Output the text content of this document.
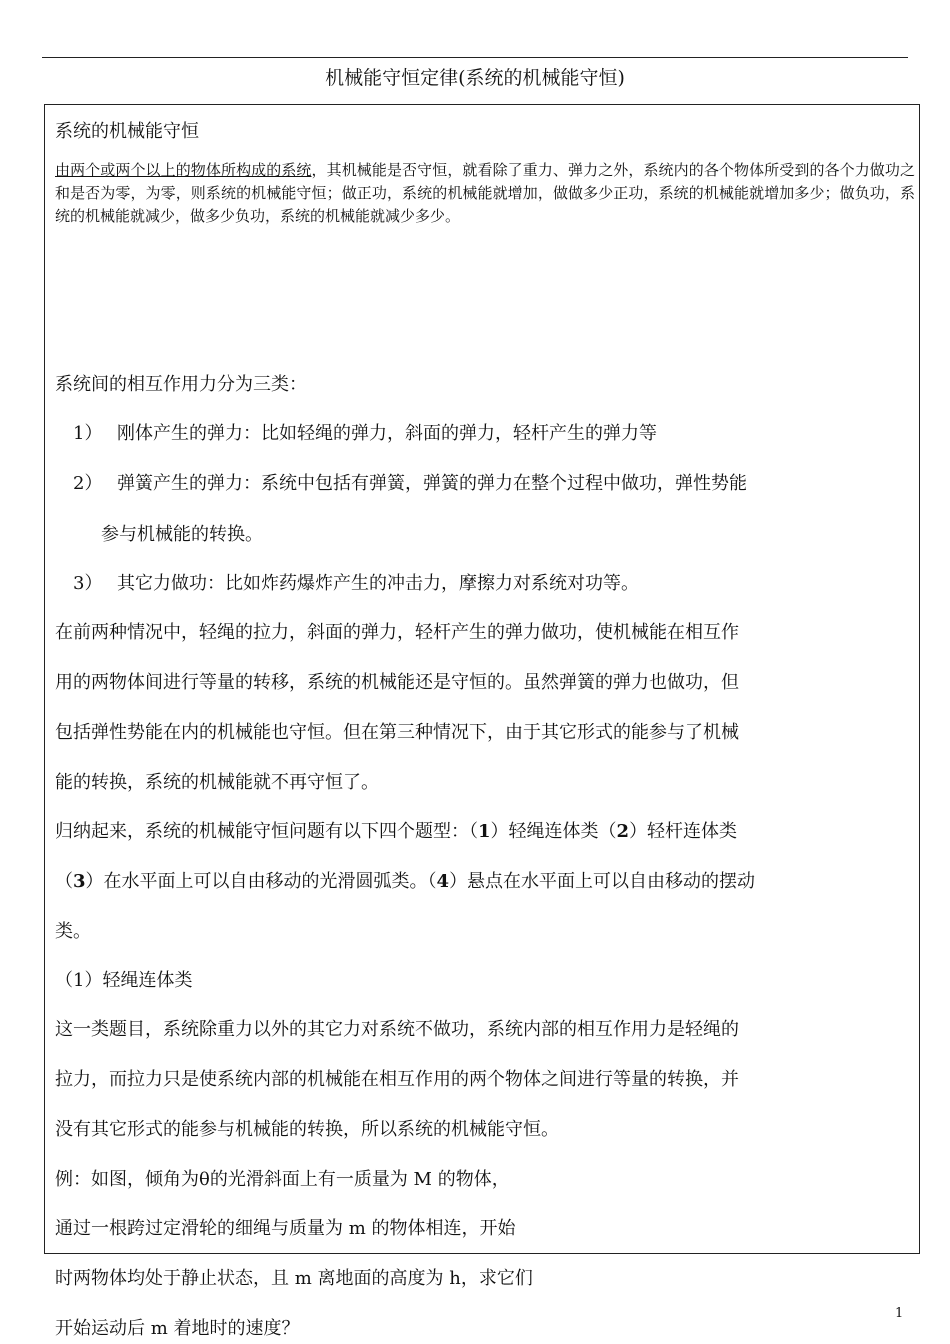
机械能守恒定律(系统的机械能守恒)
系统的机械能守恒
由两个或两个以上的物体所构成的系统，其机械能是否守恒，就看除了重力、弹力之外，系统内的各个物体所受到的各个力做功之和是否为零，为零，则系统的机械能守恒；做正功，系统的机械能就增加，做做多少正功，系统的机械能就增加多少；做负功，系统的机械能就减少，做多少负功，系统的机械能就减少多少。
系统间的相互作用力分为三类：
1） 刚体产生的弹力：比如轻绳的弹力，斜面的弹力，轻杆产生的弹力等
2） 弹簧产生的弹力：系统中包括有弹簧，弹簧的弹力在整个过程中做功，弹性势能
参与机械能的转换。
3） 其它力做功：比如炸药爆炸产生的冲击力，摩擦力对系统对功等。
在前两种情况中，轻绳的拉力，斜面的弹力，轻杆产生的弹力做功，使机械能在相互作
用的两物体间进行等量的转移，系统的机械能还是守恒的。虽然弹簧的弹力也做功，但
包括弹性势能在内的机械能也守恒。但在第三种情况下，由于其它形式的能参与了机械
能的转换，系统的机械能就不再守恒了。
归纳起来，系统的机械能守恒问题有以下四个题型：（1）轻绳连体类（2）轻杆连体类
（3）在水平面上可以自由移动的光滑圆弧类。（4）悬点在水平面上可以自由移动的摆动
类。
（1）轻绳连体类
这一类题目，系统除重力以外的其它力对系统不做功，系统内部的相互作用力是轻绳的
拉力，而拉力只是使系统内部的机械能在相互作用的两个物体之间进行等量的转换，并
没有其它形式的能参与机械能的转换，所以系统的机械能守恒。
例：如图，倾角为θ的光滑斜面上有一质量为 M 的物体，
通过一根跨过定滑轮的细绳与质量为 m 的物体相连，开始
时两物体均处于静止状态，且 m 离地面的高度为 h，求它们
开始运动后 m 着地时的速度？
1
